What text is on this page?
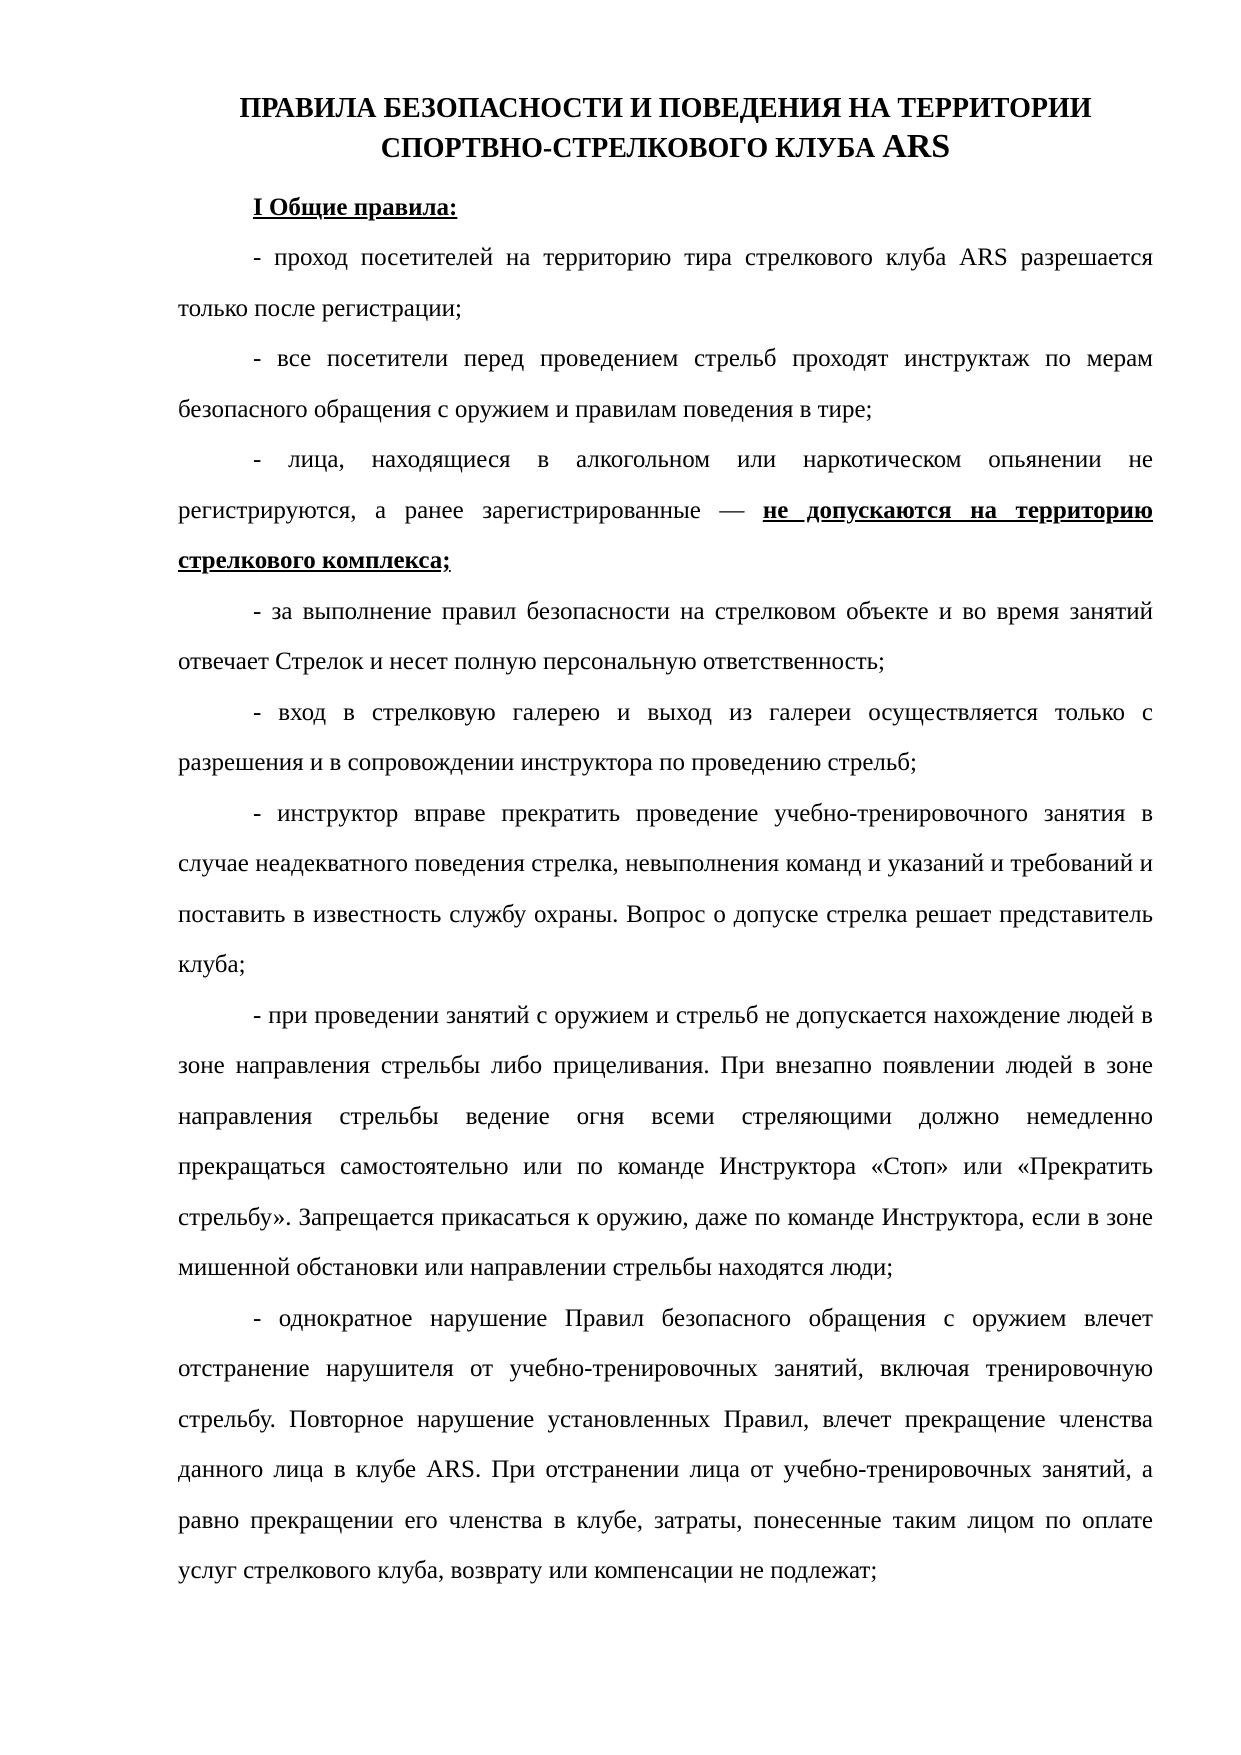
ПРАВИЛА БЕЗОПАСНОСТИ И ПОВЕДЕНИЯ НА ТЕРРИТОРИИ
СПОРТВНО-СТРЕЛКОВОГО КЛУБА ARS
I Общие правила:

- проход посетителей на территорию тира стрелкового клуба ARS разрешается только после регистрации;

- все посетители перед проведением стрельб проходят инструктаж по мерам безопасного обращения с оружием и правилам поведения в тире;

- лица, находящиеся в алкогольном или наркотическом опьянении не регистрируются, а ранее зарегистрированные — не допускаются на территорию стрелкового комплекса;

- за выполнение правил безопасности на стрелковом объекте и во время занятий отвечает Стрелок и несет полную персональную ответственность;

- вход в стрелковую галерею и выход из галереи осуществляется только с разрешения и в сопровождении инструктора по проведению стрельб;

- инструктор вправе прекратить проведение учебно-тренировочного занятия в случае неадекватного поведения стрелка, невыполнения команд и указаний и требований и поставить в известность службу охраны. Вопрос о допуске стрелка решает представитель клуба;

- при проведении занятий с оружием и стрельб не допускается нахождение людей в зоне направления стрельбы либо прицеливания. При внезапно появлении людей в зоне направления стрельбы ведение огня всеми стреляющими должно немедленно прекращаться самостоятельно или по команде Инструктора «Стоп» или «Прекратить стрельбу». Запрещается прикасаться к оружию, даже по команде Инструктора, если в зоне мишенной обстановки или направлении стрельбы находятся люди;

- однократное нарушение Правил безопасного обращения с оружием влечет отстранение нарушителя от учебно-тренировочных занятий, включая тренировочную стрельбу. Повторное нарушение установленных Правил, влечет прекращение членства данного лица в клубе ARS. При отстранении лица от учебно-тренировочных занятий, а равно прекращении его членства в клубе, затраты, понесенные таким лицом по оплате услуг стрелкового клуба, возврату или компенсации не подлежат;
